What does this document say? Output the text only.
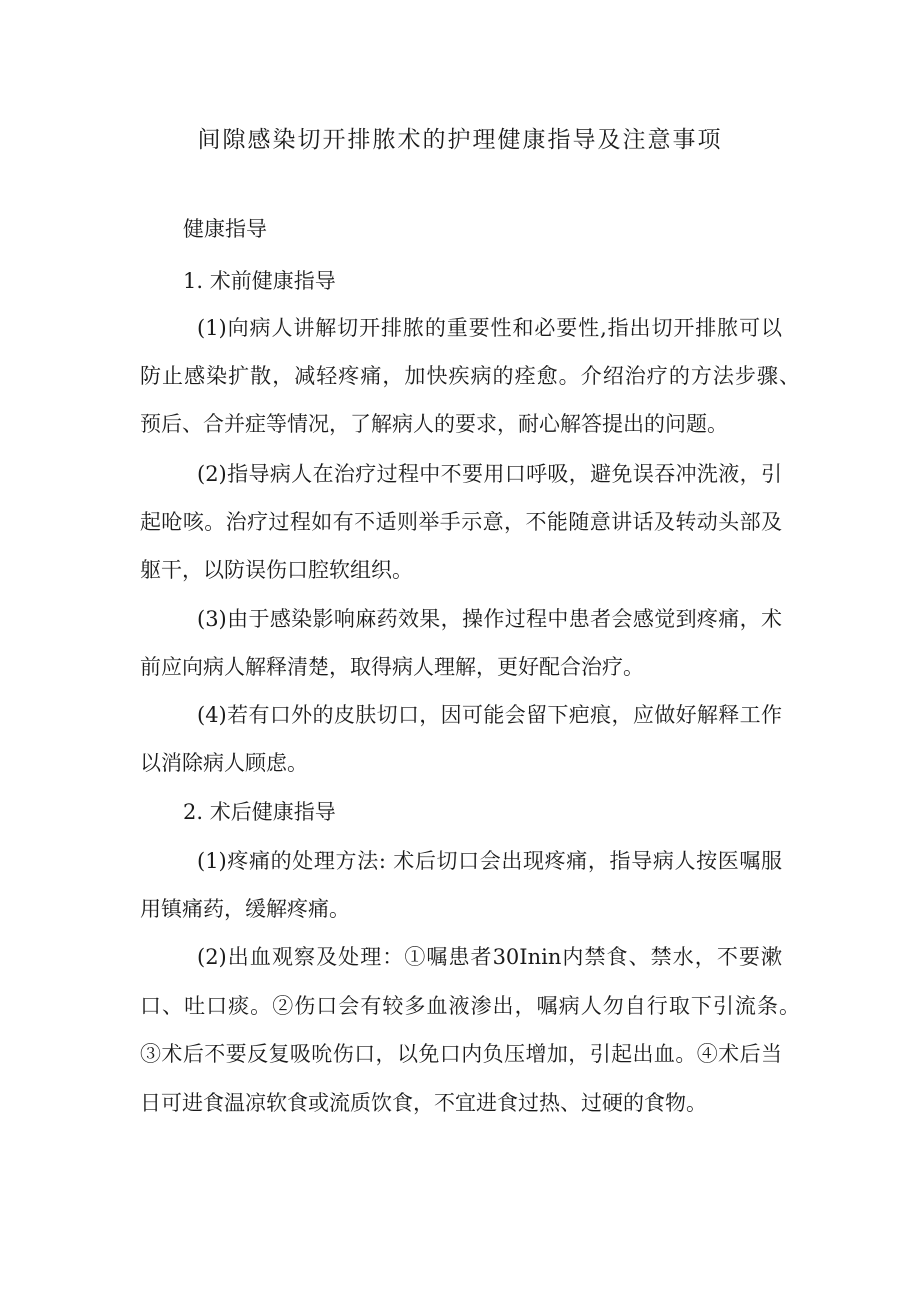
间隙感染切开排脓术的护理健康指导及注意事项
健康指导
1. 术前健康指导
(1)向病人讲解切开排脓的重要性和必要性,指出切开排脓可以
防止感染扩散，减轻疼痛，加快疾病的痊愈。介绍治疗的方法步骤、
预后、合并症等情况，了解病人的要求，耐心解答提出的问题。
(2)指导病人在治疗过程中不要用口呼吸，避免误吞冲洗液，引
起呛咳。治疗过程如有不适则举手示意，不能随意讲话及转动头部及
躯干，以防误伤口腔软组织。
(3)由于感染影响麻药效果，操作过程中患者会感觉到疼痛，术
前应向病人解释清楚，取得病人理解，更好配合治疗。
(4)若有口外的皮肤切口，因可能会留下疤痕，应做好解释工作
以消除病人顾虑。
2. 术后健康指导
(1)疼痛的处理方法: 术后切口会出现疼痛，指导病人按医嘱服
用镇痛药，缓解疼痛。
(2)出血观察及处理：①嘱患者30Inin内禁食、禁水，不要漱
口、吐口痰。②伤口会有较多血液渗出，嘱病人勿自行取下引流条。
③术后不要反复吸吮伤口，以免口内负压增加，引起出血。④术后当
日可进食温凉软食或流质饮食，不宜进食过热、过硬的食物。
